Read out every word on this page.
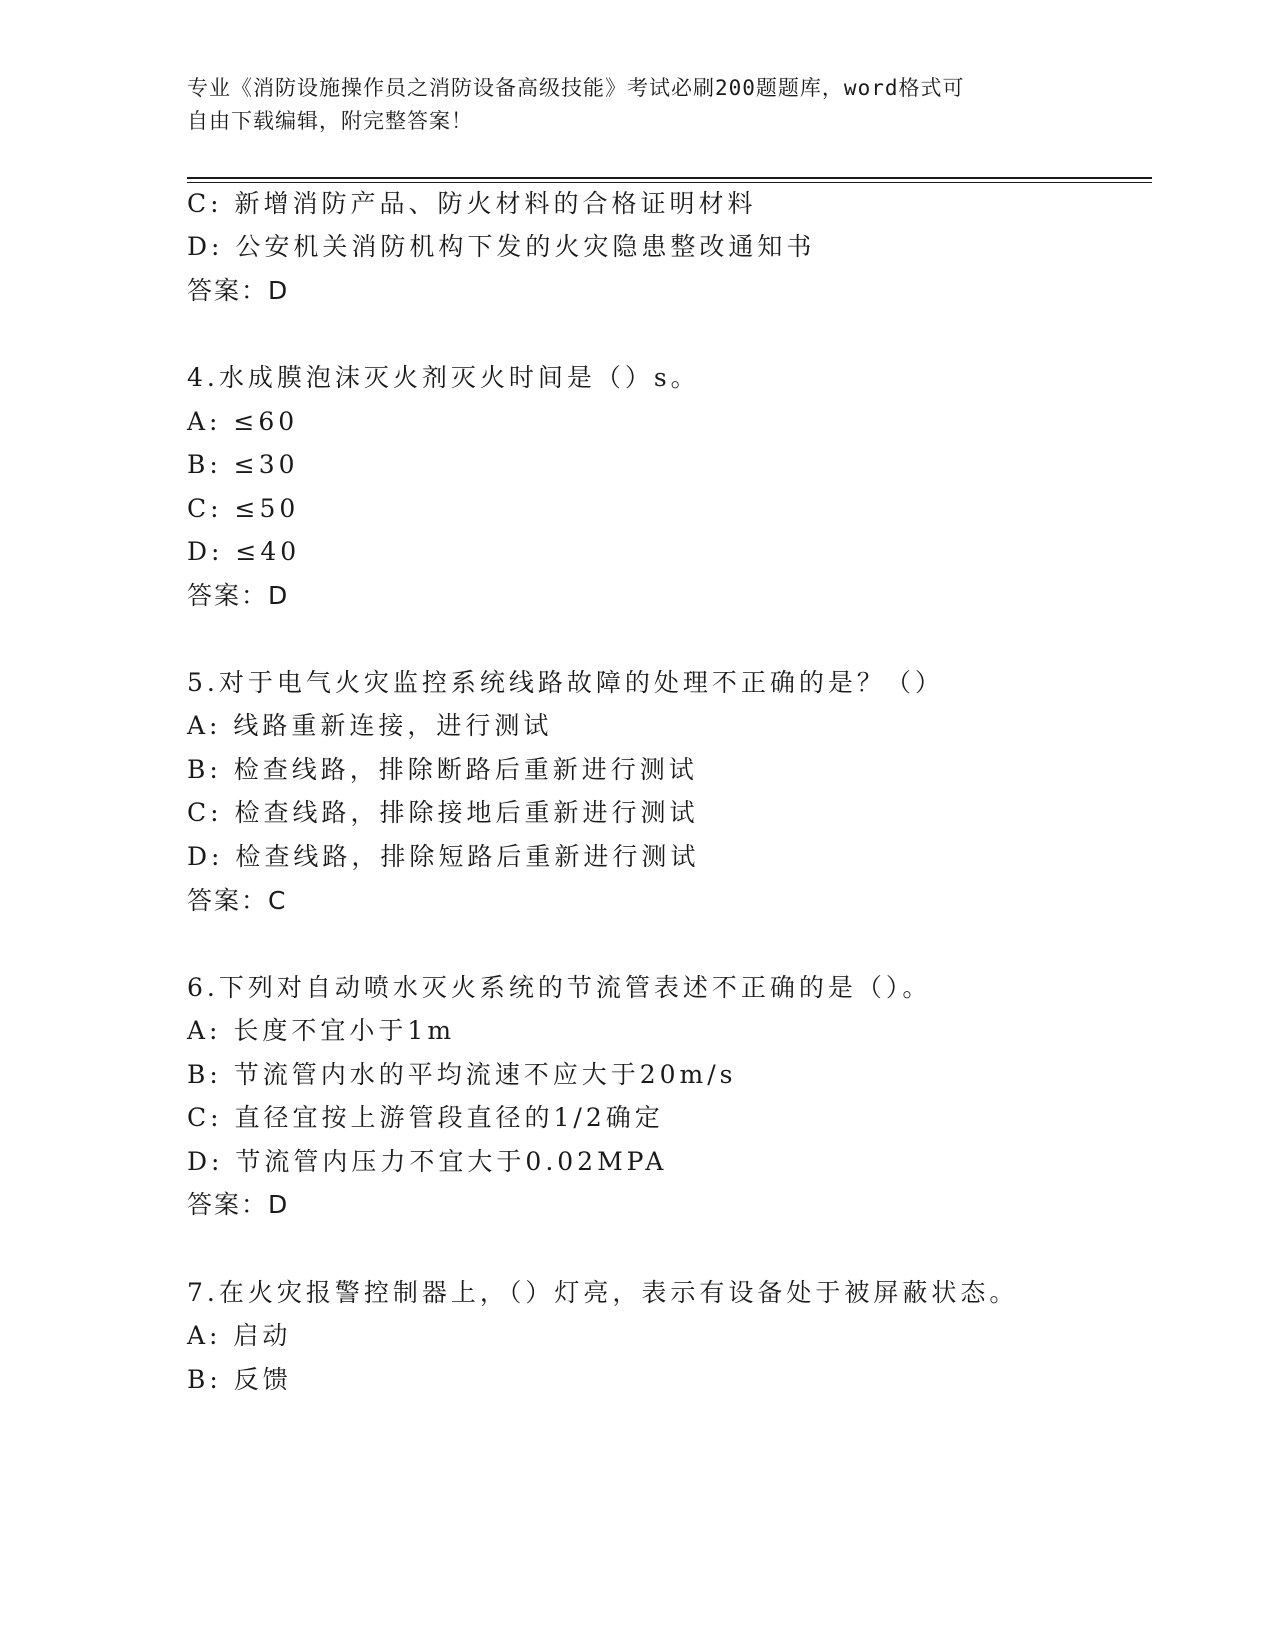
专业《消防设施操作员之消防设备高级技能》考试必刷200题题库，word格式可
自由下载编辑，附完整答案！
C: 新增消防产品、防火材料的合格证明材料
D: 公安机关消防机构下发的火灾隐患整改通知书
答案：D
4.水成膜泡沫灭火剂灭火时间是（）s。
A: ≤60
B: ≤30
C: ≤50
D: ≤40
答案：D
5.对于电气火灾监控系统线路故障的处理不正确的是？（）
A: 线路重新连接，进行测试
B: 检查线路，排除断路后重新进行测试
C: 检查线路，排除接地后重新进行测试
D: 检查线路，排除短路后重新进行测试
答案：C
6.下列对自动喷水灭火系统的节流管表述不正确的是（）。
A: 长度不宜小于1m
B: 节流管内水的平均流速不应大于20m/s
C: 直径宜按上游管段直径的1/2确定
D: 节流管内压力不宜大于0.02MPA
答案：D
7.在火灾报警控制器上，（）灯亮，表示有设备处于被屏蔽状态。
A: 启动
B: 反馈
